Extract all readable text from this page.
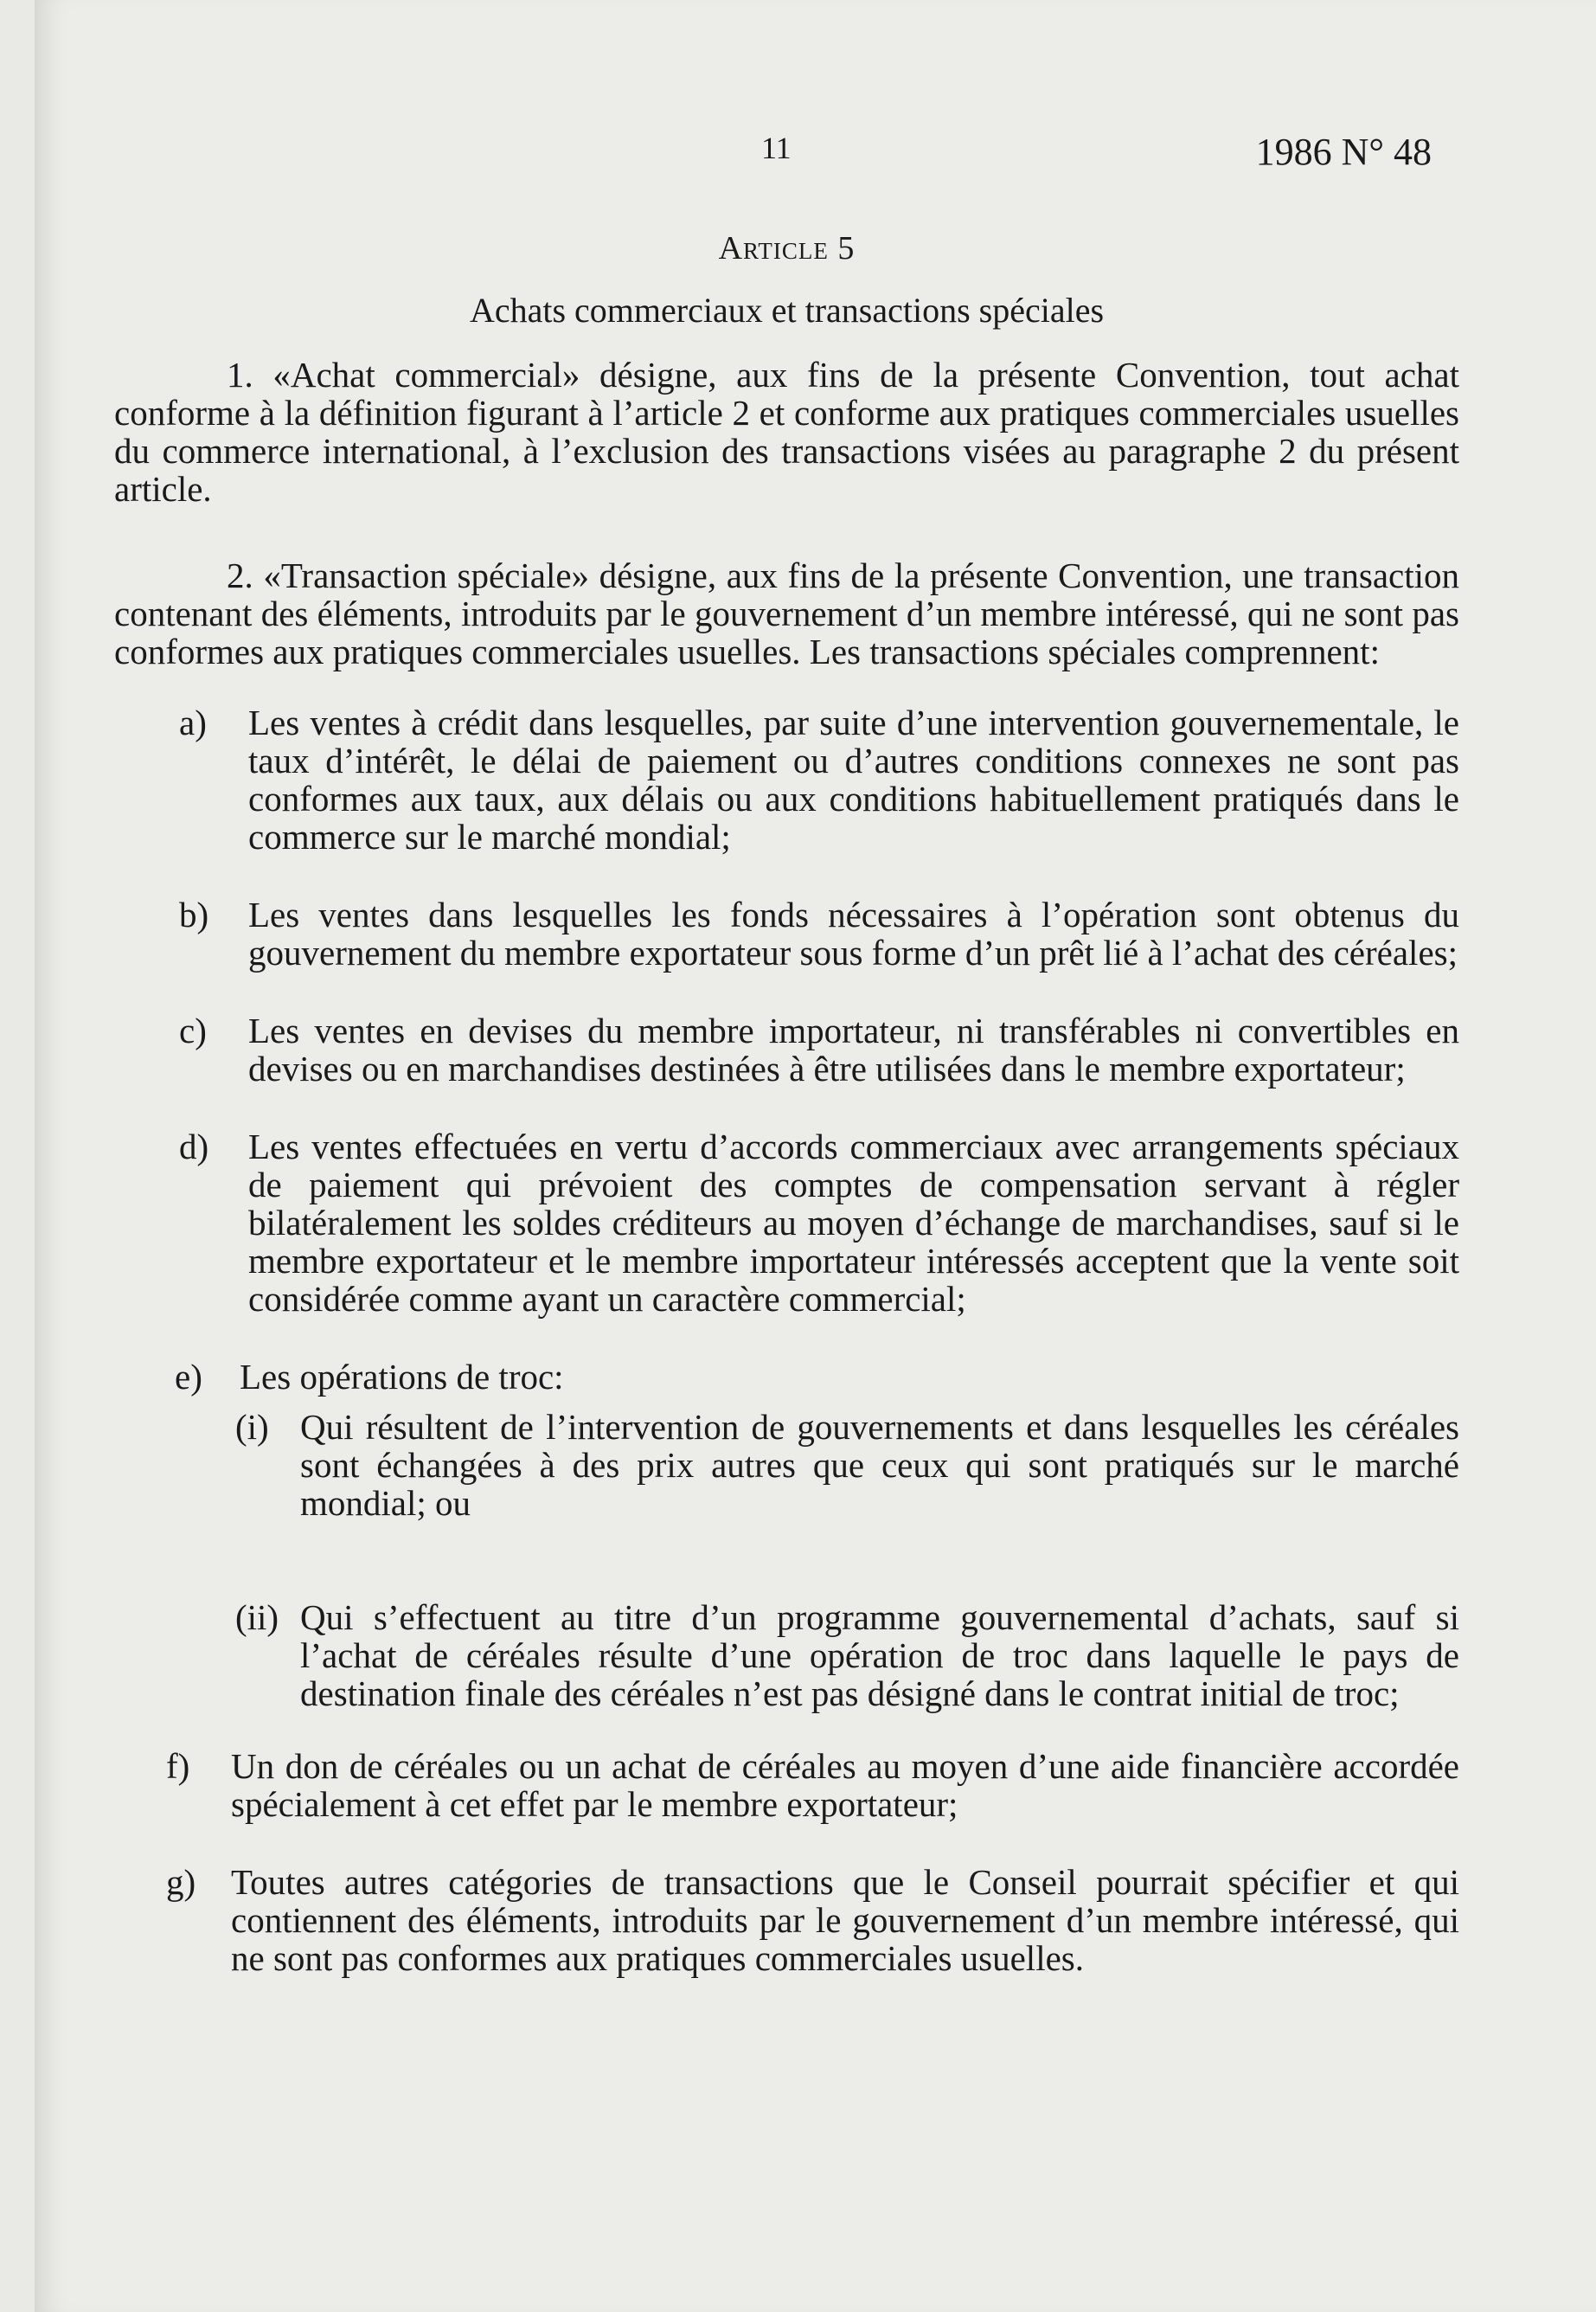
11	1986 N° 48
Article 5
Achats commerciaux et transactions spéciales

1. «Achat commercial» désigne, aux fins de la présente Convention, tout achat conforme à la définition figurant à l’article 2 et conforme aux pratiques commerciales usuelles du commerce international, à l’exclusion des transactions visées au paragraphe 2 du présent article.

2. «Transaction spéciale» désigne, aux fins de la présente Convention, une transaction contenant des éléments, introduits par le gouvernement d’un membre intéressé, qui ne sont pas conformes aux pratiques commerciales usuelles. Les transactions spéciales comprennent:

a) Les ventes à crédit dans lesquelles, par suite d’une intervention gouvernementale, le taux d’intérêt, le délai de paiement ou d’autres conditions connexes ne sont pas conformes aux taux, aux délais ou aux conditions habituellement pratiqués dans le commerce sur le marché mondial;
b) Les ventes dans lesquelles les fonds nécessaires à l’opération sont obtenus du gouvernement du membre exportateur sous forme d’un prêt lié à l’achat des céréales;
c) Les ventes en devises du membre importateur, ni transférables ni convertibles en devises ou en marchandises destinées à être utilisées dans le membre exportateur;
d) Les ventes effectuées en vertu d’accords commerciaux avec arrangements spéciaux de paiement qui prévoient des comptes de compensation servant à régler bilatéralement les soldes créditeurs au moyen d’échange de marchandises, sauf si le membre exportateur et le membre importateur intéressés acceptent que la vente soit considérée comme ayant un caractère commercial;
e) Les opérations de troc:
(i) Qui résultent de l’intervention de gouvernements et dans lesquelles les céréales sont échangées à des prix autres que ceux qui sont pratiqués sur le marché mondial; ou
(ii) Qui s’effectuent au titre d’un programme gouvernemental d’achats, sauf si l’achat de céréales résulte d’une opération de troc dans laquelle le pays de destination finale des céréales n’est pas désigné dans le contrat initial de troc;
f) Un don de céréales ou un achat de céréales au moyen d’une aide financière accordée spécialement à cet effet par le membre exportateur;
g) Toutes autres catégories de transactions que le Conseil pourrait spécifier et qui contiennent des éléments, introduits par le gouvernement d’un membre intéressé, qui ne sont pas conformes aux pratiques commerciales usuelles.
